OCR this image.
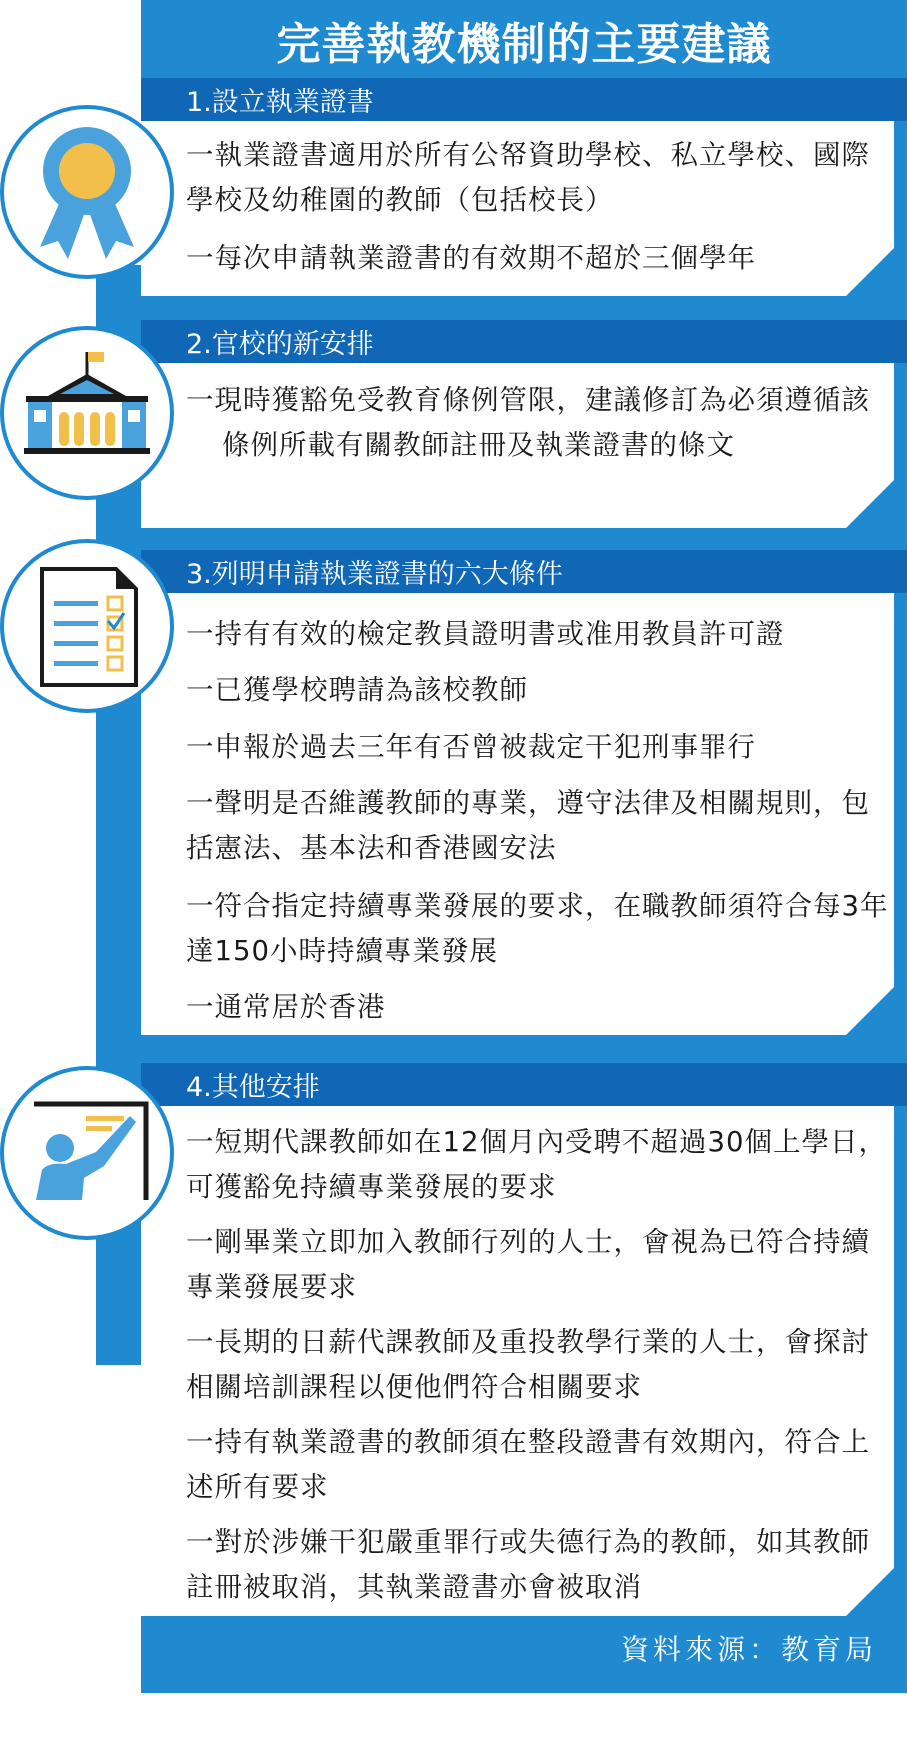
完善執教機制的主要建議
1.設立執業證書
一執業證書適用於所有公帑資助學校、私立學校、國際學校及幼稚園的教師（包括校長）
一每次申請執業證書的有效期不超於三個學年
2.官校的新安排
一現時獲豁免受教育條例管限，建議修訂為必須遵循該條例所載有關教師註冊及執業證書的條文
3.列明申請執業證書的六大條件
一持有有效的檢定教員證明書或准用教員許可證
一已獲學校聘請為該校教師
一申報於過去三年有否曾被裁定干犯刑事罪行
一聲明是否維護教師的專業，遵守法律及相關規則，包括憲法、基本法和香港國安法
一符合指定持續專業發展的要求，在職教師須符合每3年達150小時持續專業發展
一通常居於香港
4.其他安排
一短期代課教師如在12個月內受聘不超過30個上學日，可獲豁免持續專業發展的要求
一剛畢業立即加入教師行列的人士，會視為已符合持續專業發展要求
一長期的日薪代課教師及重投教學行業的人士，會探討相關培訓課程以便他們符合相關要求
一持有執業證書的教師須在整段證書有效期內，符合上述所有要求
一對於涉嫌干犯嚴重罪行或失德行為的教師，如其教師註冊被取消，其執業證書亦會被取消
資料來源：教育局
